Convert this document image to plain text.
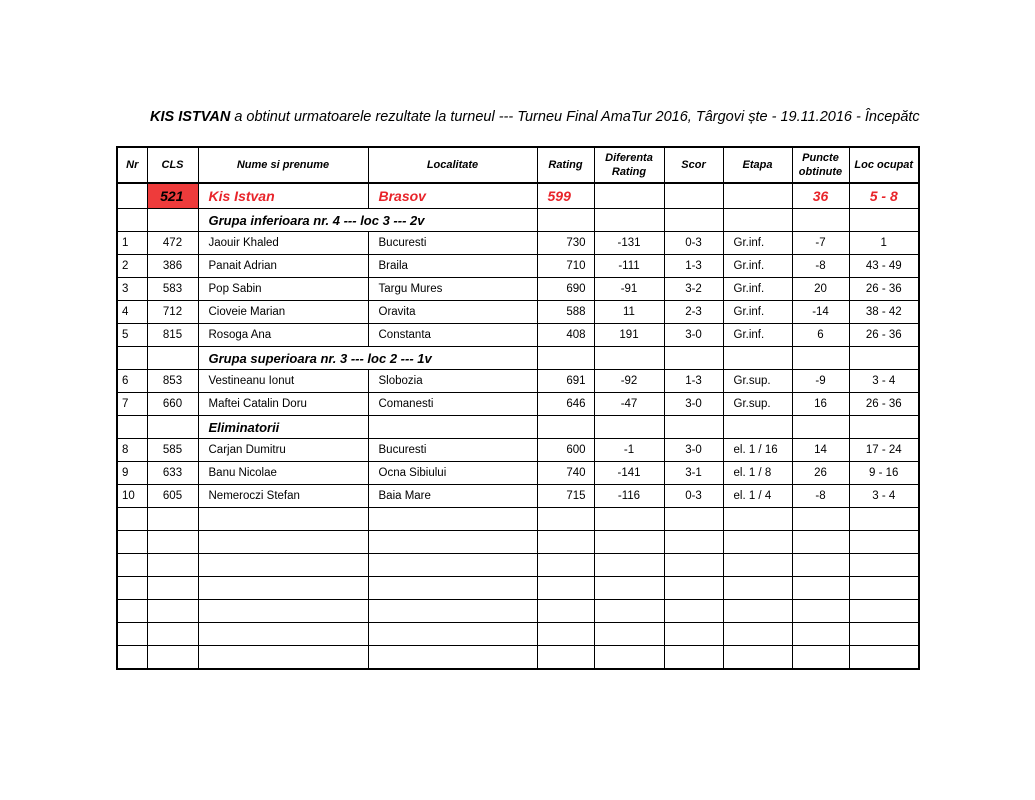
KIS ISTVAN a obtinut urmatoarele rezultate la turneul --- Turneu Final AmaTur 2016, Târgovi ște - 19.11.2016 - Începătc
Nr	CLS	Nume si prenume	Localitate	Rating	Diferenta Rating	Scor	Etapa	Puncte obtinute	Loc ocupat
	521	Kis Istvan	Brasov	599				36	5 - 8
		Grupa inferioara nr. 4 --- loc 3 --- 2v							
1	472	Jaouir Khaled	Bucuresti	730	-131	0-3	Gr.inf.	-7	1
2	386	Panait Adrian	Braila	710	-111	1-3	Gr.inf.	-8	43 - 49
3	583	Pop Sabin	Targu Mures	690	-91	3-2	Gr.inf.	20	26 - 36
4	712	Cioveie Marian	Oravita	588	11	2-3	Gr.inf.	-14	38 - 42
5	815	Rosoga Ana	Constanta	408	191	3-0	Gr.inf.	6	26 - 36
		Grupa superioara nr. 3 --- loc 2 --- 1v							
6	853	Vestineanu Ionut	Slobozia	691	-92	1-3	Gr.sup.	-9	3 - 4
7	660	Maftei Catalin Doru	Comanesti	646	-47	3-0	Gr.sup.	16	26 - 36
		Eliminatorii							
8	585	Carjan Dumitru	Bucuresti	600	-1	3-0	el. 1 / 16	14	17 - 24
9	633	Banu Nicolae	Ocna Sibiului	740	-141	3-1	el. 1 / 8	26	9 - 16
10	605	Nemeroczi Stefan	Baia Mare	715	-116	0-3	el. 1 / 4	-8	3 - 4
